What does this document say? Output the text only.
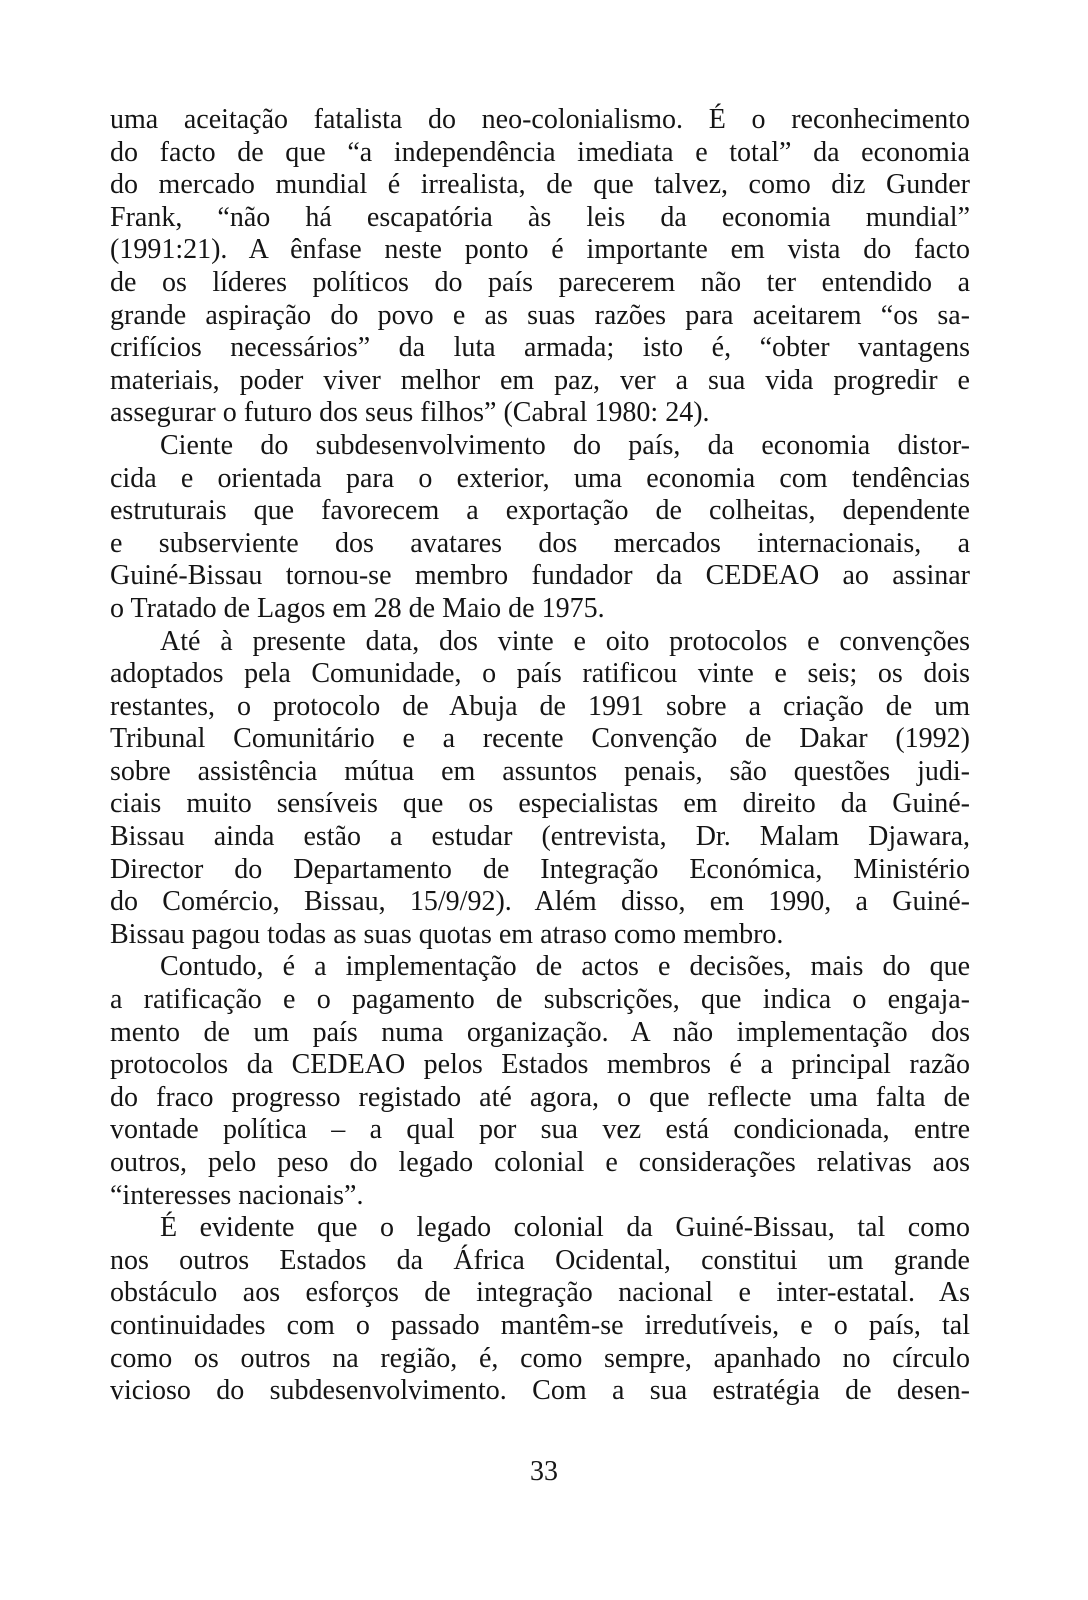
uma aceitação fatalista do neo-colonialismo. É o reconhecimento
do facto de que “a independência imediata e total” da economia
do mercado mundial é irrealista, de que talvez, como diz Gunder
Frank, “não há escapatória às leis da economia mundial”
(1991:21). A ênfase neste ponto é importante em vista do facto
de os líderes políticos do país parecerem não ter entendido a
grande aspiração do povo e as suas razões para aceitarem “os sa-
crifícios necessários” da luta armada; isto é, “obter vantagens
materiais, poder viver melhor em paz, ver a sua vida progredir e
assegurar o futuro dos seus filhos” (Cabral 1980: 24).
Ciente do subdesenvolvimento do país, da economia distor-
cida e orientada para o exterior, uma economia com tendências
estruturais que favorecem a exportação de colheitas, dependente
e subserviente dos avatares dos mercados internacionais, a
Guiné-Bissau tornou-se membro fundador da CEDEAO ao assinar
o Tratado de Lagos em 28 de Maio de 1975.
Até à presente data, dos vinte e oito protocolos e convenções
adoptados pela Comunidade, o país ratificou vinte e seis; os dois
restantes, o protocolo de Abuja de 1991 sobre a criação de um
Tribunal Comunitário e a recente Convenção de Dakar (1992)
sobre assistência mútua em assuntos penais, são questões judi-
ciais muito sensíveis que os especialistas em direito da Guiné-
Bissau ainda estão a estudar (entrevista, Dr. Malam Djawara,
Director do Departamento de Integração Económica, Ministério
do Comércio, Bissau, 15/9/92). Além disso, em 1990, a Guiné-
Bissau pagou todas as suas quotas em atraso como membro.
Contudo, é a implementação de actos e decisões, mais do que
a ratificação e o pagamento de subscrições, que indica o engaja-
mento de um país numa organização. A não implementação dos
protocolos da CEDEAO pelos Estados membros é a principal razão
do fraco progresso registado até agora, o que reflecte uma falta de
vontade política – a qual por sua vez está condicionada, entre
outros, pelo peso do legado colonial e considerações relativas aos
“interesses nacionais”.
É evidente que o legado colonial da Guiné-Bissau, tal como
nos outros Estados da África Ocidental, constitui um grande
obstáculo aos esforços de integração nacional e inter-estatal. As
continuidades com o passado mantêm-se irredutíveis, e o país, tal
como os outros na região, é, como sempre, apanhado no círculo
vicioso do subdesenvolvimento. Com a sua estratégia de desen-
33
